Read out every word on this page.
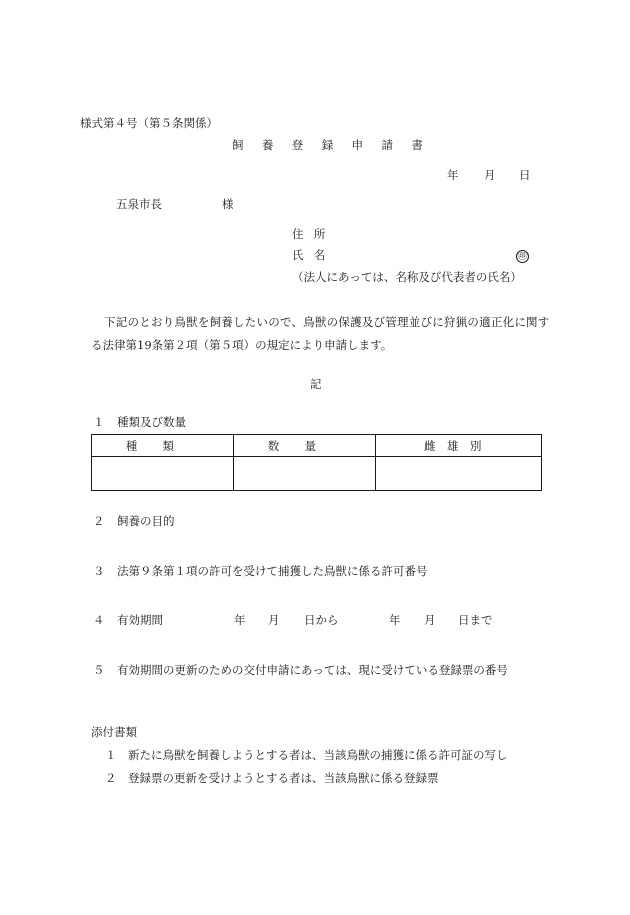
様式第４号（第５条関係）
飼養登録申請書
年 月 日
五泉市長	様
住所
氏名	㊞
（法人にあっては、名称及び代表者の氏名）
下記のとおり鳥獣を飼養したいので、鳥獣の保護及び管理並びに狩猟の適正化に関す
る法律第19条第２項（第５項）の規定により申請します。
記
１ 種類及び数量
種類	数量	雌雄別

２ 飼養の目的
３ 法第９条第１項の許可を受けて捕獲した鳥獣に係る許可番号
４ 有効期間	年 月 日から	年 月 日まで
５ 有効期間の更新のための交付申請にあっては、現に受けている登録票の番号
添付書類
１ 新たに鳥獣を飼養しようとする者は、当該鳥獣の捕獲に係る許可証の写し
２ 登録票の更新を受けようとする者は、当該鳥獣に係る登録票
